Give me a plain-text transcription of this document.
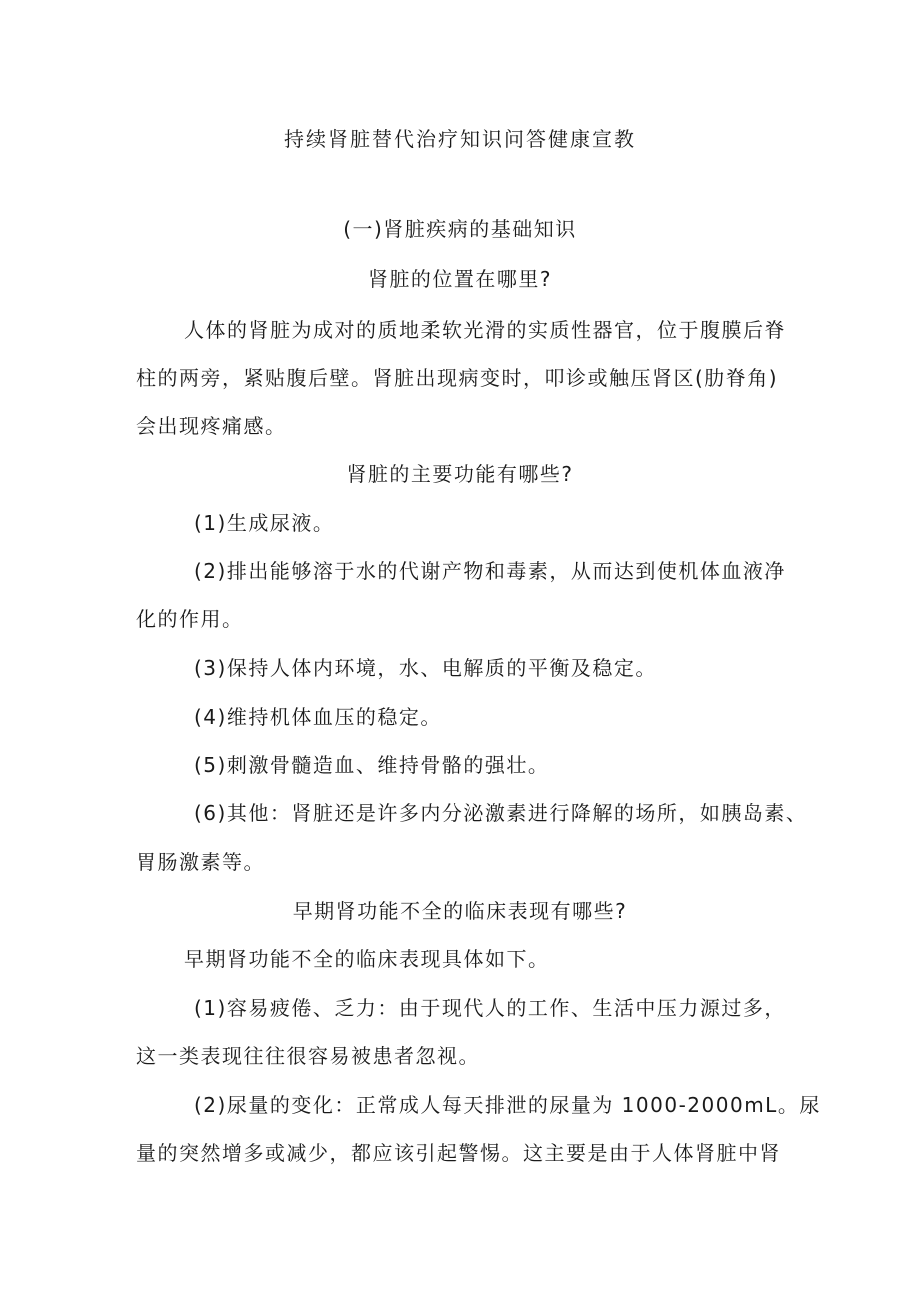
持续肾脏替代治疗知识问答健康宣教
(一)肾脏疾病的基础知识
肾脏的位置在哪里?
人体的肾脏为成对的质地柔软光滑的实质性器官，位于腹膜后脊
柱的两旁，紧贴腹后壁。肾脏出现病变时，叩诊或触压肾区(肋脊角)
会出现疼痛感。
肾脏的主要功能有哪些?
(1)生成尿液。
(2)排出能够溶于水的代谢产物和毒素，从而达到使机体血液净
化的作用。
(3)保持人体内环境，水、电解质的平衡及稳定。
(4)维持机体血压的稳定。
(5)刺激骨髓造血、维持骨骼的强壮。
(6)其他：肾脏还是许多内分泌激素进行降解的场所，如胰岛素、
胃肠激素等。
早期肾功能不全的临床表现有哪些?
早期肾功能不全的临床表现具体如下。
(1)容易疲倦、乏力：由于现代人的工作、生活中压力源过多，
这一类表现往往很容易被患者忽视。
(2)尿量的变化：正常成人每天排泄的尿量为 1000-2000mL。尿
量的突然增多或减少，都应该引起警惕。这主要是由于人体肾脏中肾
